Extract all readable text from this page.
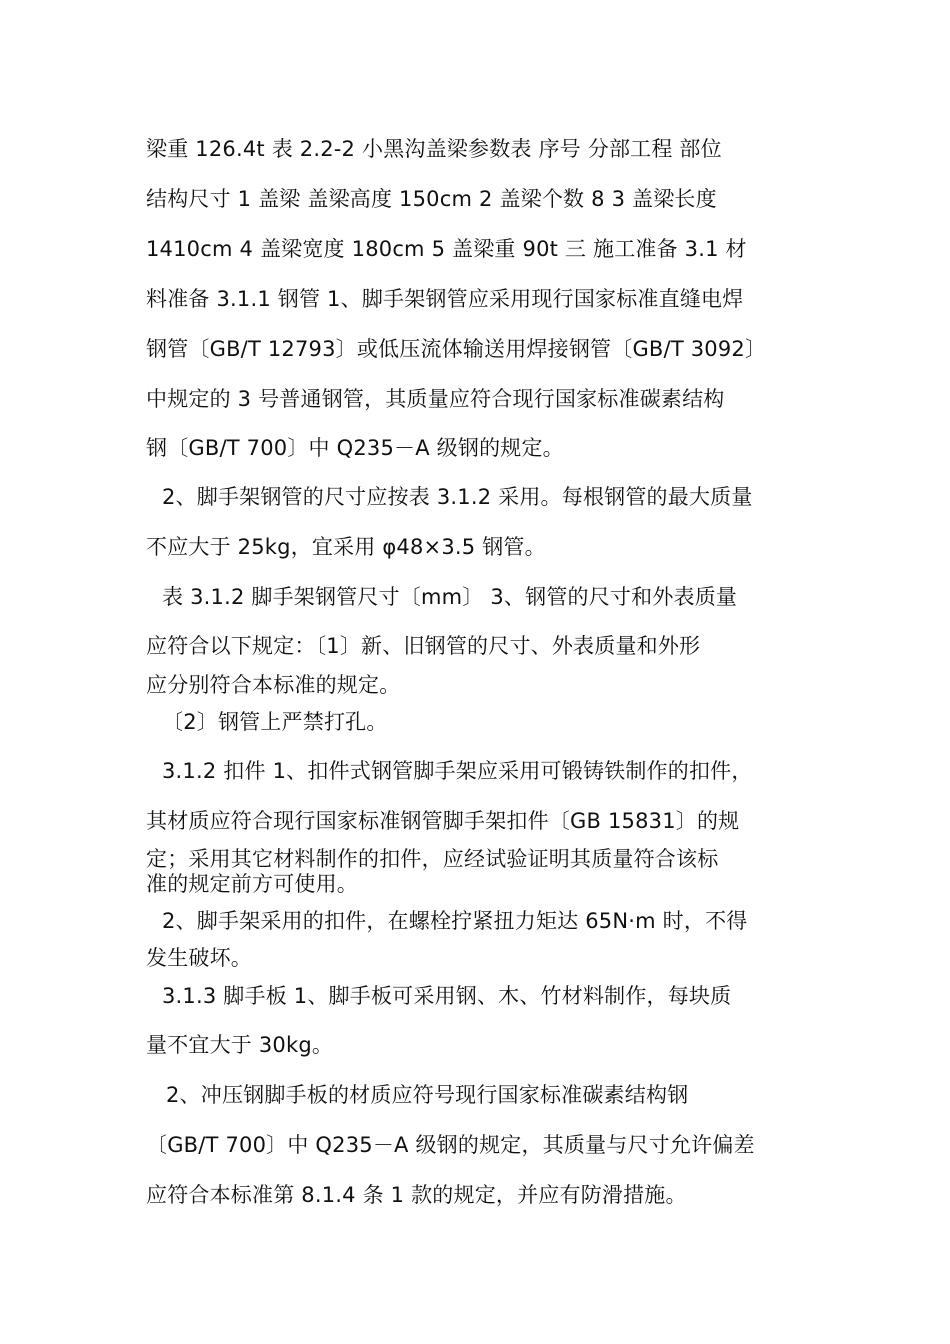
梁重 126.4t 表 2.2-2 小黑沟盖梁参数表 序号 分部工程 部位
结构尺寸 1 盖梁 盖梁高度 150cm 2 盖梁个数 8 3 盖梁长度
1410cm 4 盖梁宽度 180cm 5 盖梁重 90t 三 施工准备 3.1 材
料准备 3.1.1 钢管 1、脚手架钢管应采用现行国家标准直缝电焊
钢管〔GB/T 12793〕或低压流体输送用焊接钢管〔GB/T 3092〕
中规定的 3 号普通钢管，其质量应符合现行国家标准碳素结构
钢〔GB/T 700〕中 Q235－A 级钢的规定。
2、脚手架钢管的尺寸应按表 3.1.2 采用。每根钢管的最大质量
不应大于 25kg，宜采用 φ48×3.5 钢管。
表 3.1.2 脚手架钢管尺寸〔mm〕 3、钢管的尺寸和外表质量
应符合以下规定：〔1〕新、旧钢管的尺寸、外表质量和外形
应分别符合本标准的规定。
〔2〕钢管上严禁打孔。
3.1.2 扣件 1、扣件式钢管脚手架应采用可锻铸铁制作的扣件，
其材质应符合现行国家标准钢管脚手架扣件〔GB 15831〕的规
定；采用其它材料制作的扣件，应经试验证明其质量符合该标
准的规定前方可使用。
2、脚手架采用的扣件，在螺栓拧紧扭力矩达 65N·m 时，不得
发生破坏。
3.1.3 脚手板 1、脚手板可采用钢、木、竹材料制作，每块质
量不宜大于 30kg。
2、冲压钢脚手板的材质应符号现行国家标准碳素结构钢
〔GB/T 700〕中 Q235－A 级钢的规定，其质量与尺寸允许偏差
应符合本标准第 8.1.4 条 1 款的规定，并应有防滑措施。
